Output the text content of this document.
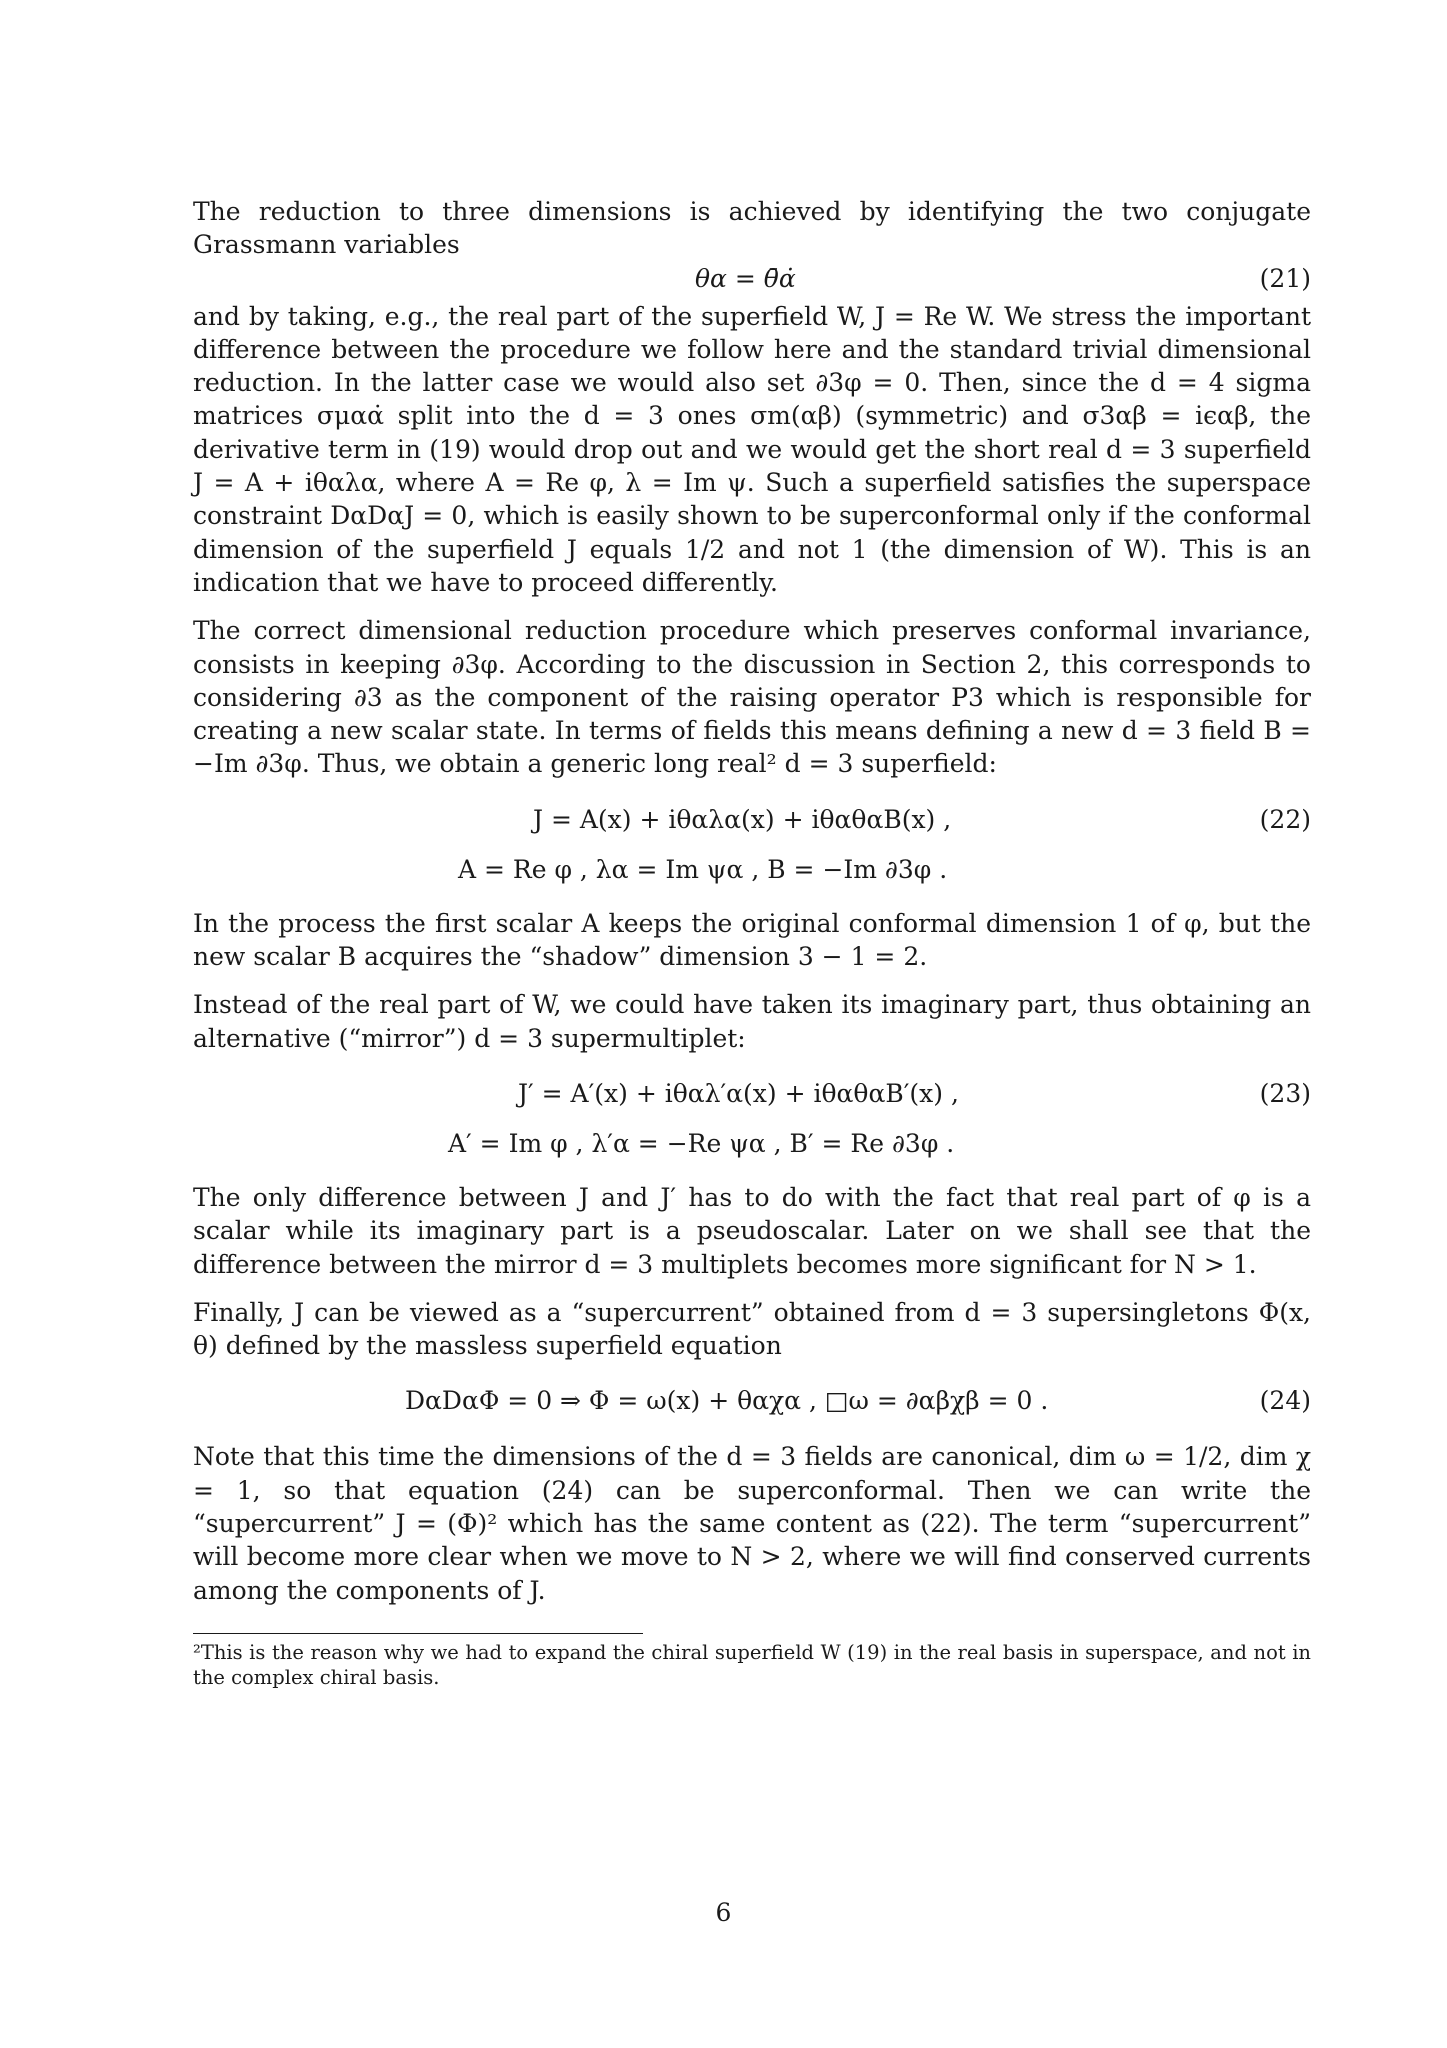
The reduction to three dimensions is achieved by identifying the two conjugate Grassmann variables

θα = θ̄α̇	(21)

and by taking, e.g., the real part of the superfield W, J = Re W. We stress the important difference between the procedure we follow here and the standard trivial dimensional reduction. In the latter case we would also set ∂3φ = 0. Then, since the d = 4 sigma matrices σμαα̇ split into the d = 3 ones σm(αβ) (symmetric) and σ3αβ = iϵαβ, the derivative term in (19) would drop out and we would get the short real d = 3 superfield J = A + iθαλα, where A = Re φ, λ = Im ψ. Such a superfield satisfies the superspace constraint DαDαJ = 0, which is easily shown to be superconformal only if the conformal dimension of the superfield J equals 1/2 and not 1 (the dimension of W). This is an indication that we have to proceed differently.

The correct dimensional reduction procedure which preserves conformal invariance, consists in keeping ∂3φ. According to the discussion in Section 2, this corresponds to considering ∂3 as the component of the raising operator P3 which is responsible for creating a new scalar state. In terms of fields this means defining a new d = 3 field B = −Im ∂3φ. Thus, we obtain a generic long real² d = 3 superfield:

J = A(x) + iθαλα(x) + iθαθαB(x) ,	(22)
A = Re φ , λα = Im ψα , B = −Im ∂3φ .

In the process the first scalar A keeps the original conformal dimension 1 of φ, but the new scalar B acquires the “shadow” dimension 3 − 1 = 2.

Instead of the real part of W, we could have taken its imaginary part, thus obtaining an alternative (“mirror”) d = 3 supermultiplet:

J′ = A′(x) + iθαλ′α(x) + iθαθαB′(x) ,	(23)
A′ = Im φ , λ′α = −Re ψα , B′ = Re ∂3φ .

The only difference between J and J′ has to do with the fact that real part of φ is a scalar while its imaginary part is a pseudoscalar. Later on we shall see that the difference between the mirror d = 3 multiplets becomes more significant for N > 1.

Finally, J can be viewed as a “supercurrent” obtained from d = 3 supersingletons Φ(x, θ) defined by the massless superfield equation

DαDαΦ = 0 ⇒ Φ = ω(x) + θαχα , □ω = ∂αβχβ = 0 .	(24)

Note that this time the dimensions of the d = 3 fields are canonical, dim ω = 1/2, dim χ = 1, so that equation (24) can be superconformal. Then we can write the “supercurrent” J = (Φ)² which has the same content as (22). The term “supercurrent” will become more clear when we move to N > 2, where we will find conserved currents among the components of J.

²This is the reason why we had to expand the chiral superfield W (19) in the real basis in superspace, and not in the complex chiral basis.

6
